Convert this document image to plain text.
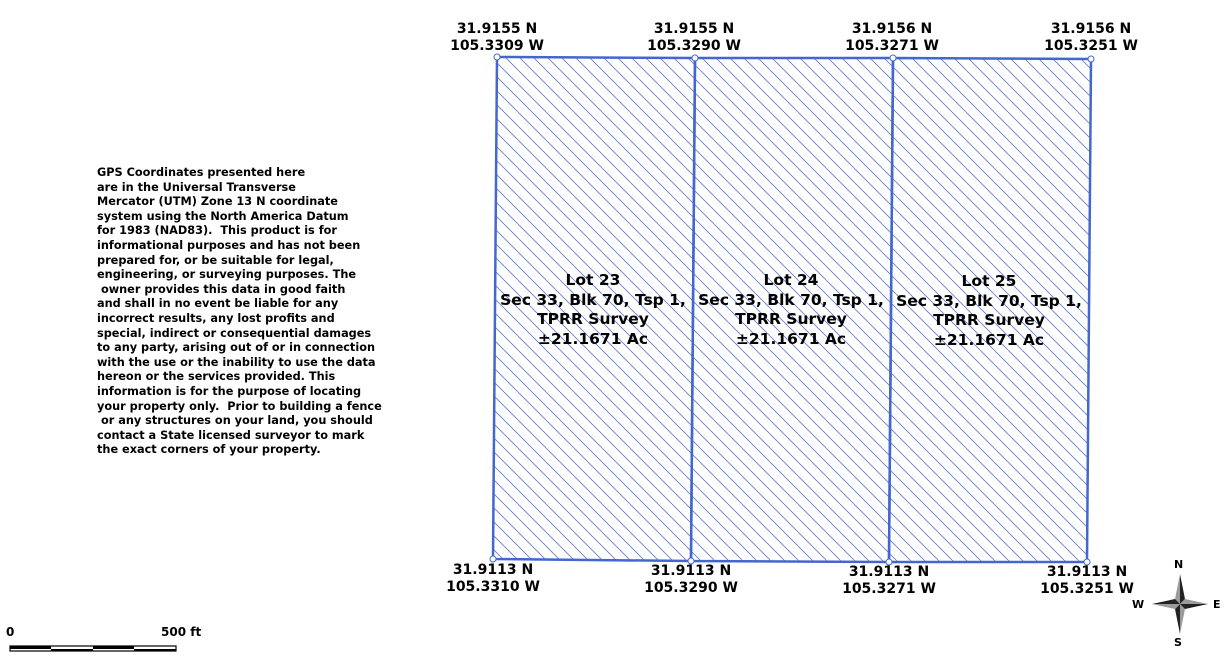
GPS Coordinates presented here
are in the Universal Transverse
Mercator (UTM) Zone 13 N coordinate
system using the North America Datum
for 1983 (NAD83).  This product is for
informational purposes and has not been
prepared for, or be suitable for legal,
engineering, or surveying purposes. The
owner provides this data in good faith
and shall in no event be liable for any
incorrect results, any lost profits and
special, indirect or consequential damages
to any party, arising out of or in connection
with the use or the inability to use the data
hereon or the services provided. This
information is for the purpose of locating
your property only.  Prior to building a fence
or any structures on your land, you should
contact a State licensed surveyor to mark
the exact corners of your property.
31.9155 N
105.3309 W
31.9155 N
105.3290 W
31.9156 N
105.3271 W
31.9156 N
105.3251 W
31.9113 N
105.3310 W
31.9113 N
105.3290 W
31.9113 N
105.3271 W
31.9113 N
105.3251 W
Lot 23
Sec 33, Blk 70, Tsp 1,
TPRR Survey
±21.1671 Ac
Lot 24
Sec 33, Blk 70, Tsp 1,
TPRR Survey
±21.1671 Ac
Lot 25
Sec 33, Blk 70, Tsp 1,
TPRR Survey
±21.1671 Ac
0	500 ft
N
S
W	E
